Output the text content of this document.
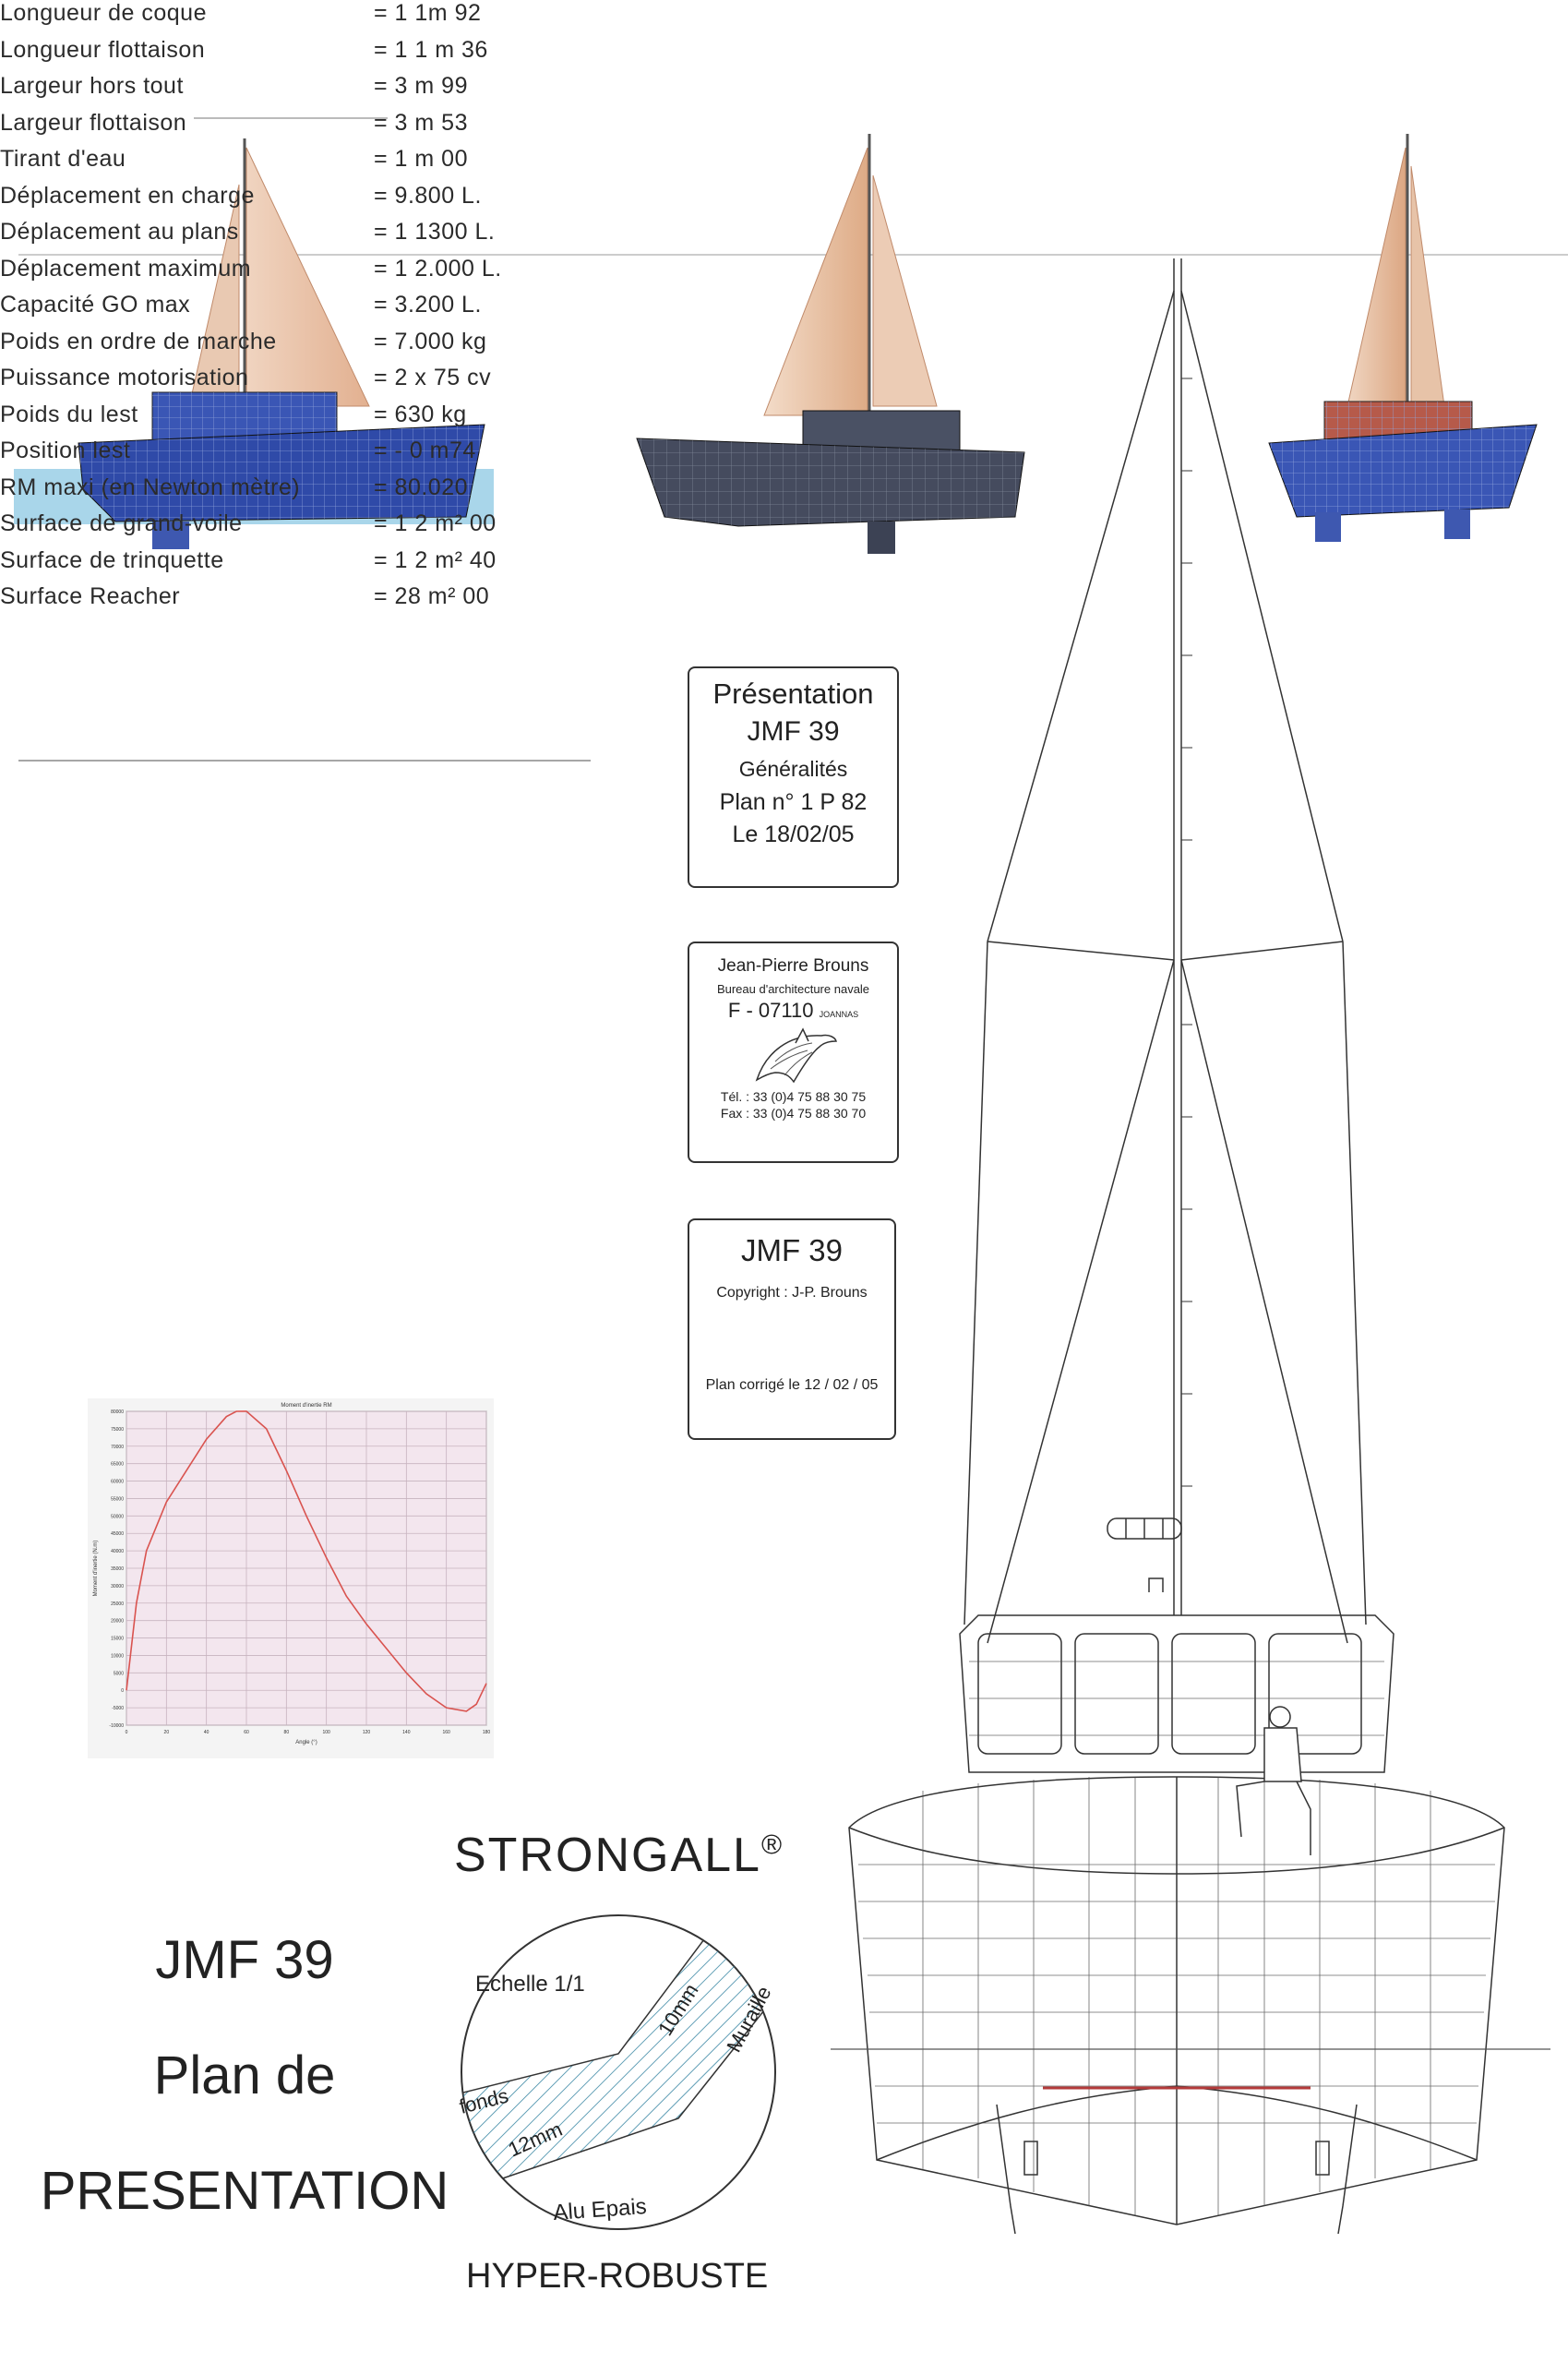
Longueur de coque	= 1 1m 92
Longueur flottaison	= 1 1 m 36
Largeur hors tout	= 3 m 99
Largeur flottaison	= 3 m 53
Tirant d'eau	= 1 m 00
Déplacement en charge	= 9.800 L.
Déplacement au plans	= 1 1300 L.
Déplacement maximum	= 1 2.000 L.
Capacité GO max	= 3.200 L.
Poids en ordre de marche	= 7.000 kg
Puissance motorisation	= 2 x 75 cv
Poids du lest	= 630 kg
Position lest	= - 0 m74
RM maxi (en Newton mètre)	= 80.020
Surface de grand-voile	= 1 2 m² 00
Surface de trinquette	= 1 2 m² 40
Surface Reacher	= 28 m² 00
Présentation
JMF 39
Généralités
Plan n° 1 P 82
Le 18/02/05
Jean-Pierre Brouns
Bureau d'architecture navale
F - 07110 JOANNAS
Tél. : 33 (0)4 75 88 30 75
Fax : 33 (0)4 75 88 30 70
JMF 39
Copyright : J-P. Brouns
Plan corrigé le 12 / 02 / 05
-10000
-5000
0
5000
10000
15000
20000
25000
30000
35000
40000
45000
50000
55000
60000
65000
70000
75000
80000
0	20	40	60	80	100	120	140	160	180
Moment d'inertie RM
Angle (°)
Moment d'inertie (N.m)
STRONGALL®
Echelle 1/1
fonds
12mm
10mm Muraille
Alu Epais
HYPER-ROBUSTE
JMF 39
Plan de
PRESENTATION
